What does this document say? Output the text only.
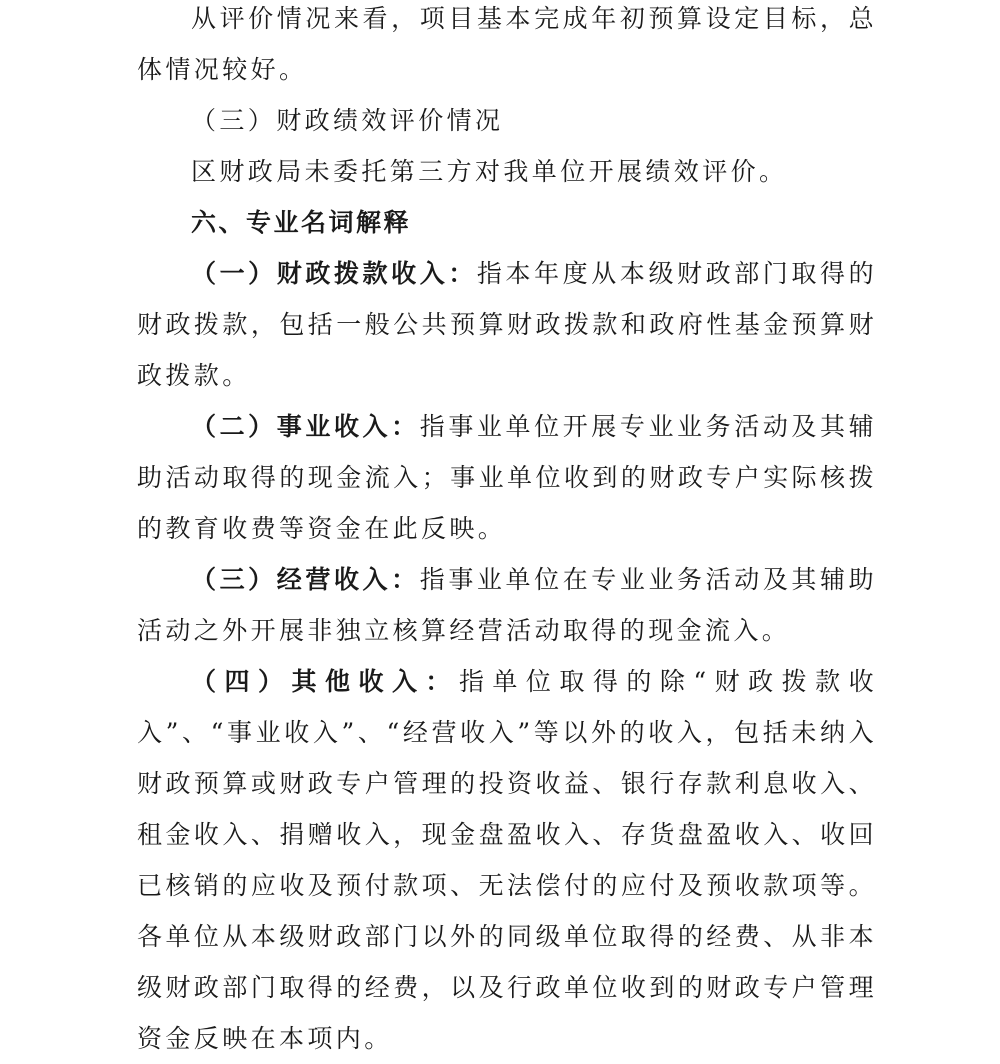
从评价情况来看，项目基本完成年初预算设定目标，总体情况较好。

（三）财政绩效评价情况

区财政局未委托第三方对我单位开展绩效评价。

六、专业名词解释

（一）财政拨款收入：指本年度从本级财政部门取得的财政拨款，包括一般公共预算财政拨款和政府性基金预算财政拨款。

（二）事业收入：指事业单位开展专业业务活动及其辅助活动取得的现金流入；事业单位收到的财政专户实际核拨的教育收费等资金在此反映。

（三）经营收入：指事业单位在专业业务活动及其辅助活动之外开展非独立核算经营活动取得的现金流入。

（四）其他收入：指单位取得的除“财政拨款收入”、“事业收入”、“经营收入”等以外的收入，包括未纳入财政预算或财政专户管理的投资收益、银行存款利息收入、租金收入、捐赠收入，现金盘盈收入、存货盘盈收入、收回已核销的应收及预付款项、无法偿付的应付及预收款项等。各单位从本级财政部门以外的同级单位取得的经费、从非本级财政部门取得的经费，以及行政单位收到的财政专户管理资金反映在本项内。
